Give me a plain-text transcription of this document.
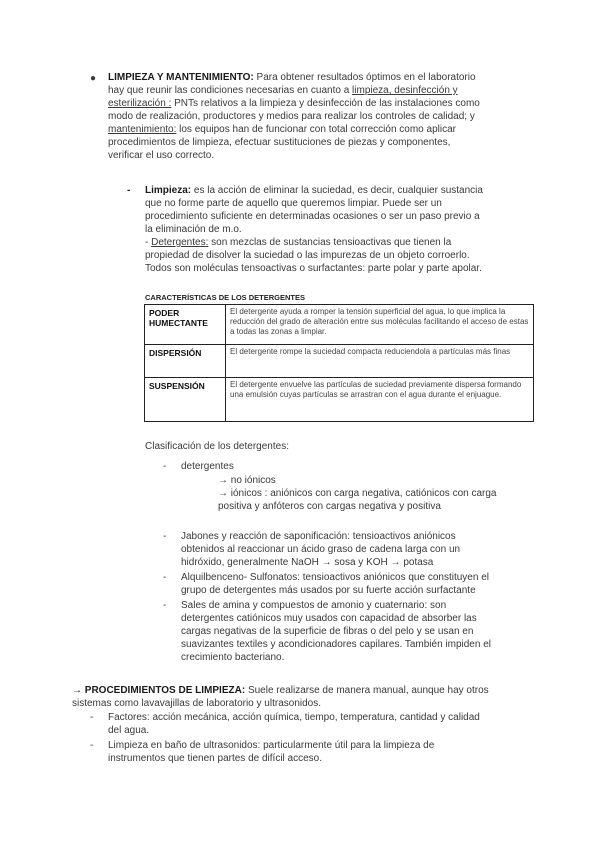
● LIMPIEZA Y MANTENIMIENTO: Para obtener resultados óptimos en el laboratorio

hay que reunir las condiciones necesarias en cuanto a limpieza, desinfección y

esterilización : PNTs relativos a la limpieza y desinfección de las instalaciones como

modo de realización, productores y medios para realizar los controles de calidad; y

mantenimiento: los equipos han de funcionar con total corrección como aplicar

procedimientos de limpieza, efectuar sustituciones de piezas y componentes,

verificar el uso correcto.

- Limpieza: es la acción de eliminar la suciedad, es decir, cualquier sustancia

que no forme parte de aquello que queremos limpiar. Puede ser un

procedimiento suficiente en determinadas ocasiones o ser un paso previo a

la eliminación de m.o.

- Detergentes: son mezclas de sustancias tensioactivas que tienen la

propiedad de disolver la suciedad o las impurezas de un objeto corroerlo.

Todos son moléculas tensoactivas o surfactantes: parte polar y parte apolar.

CARACTERÍSTICAS DE LOS DETERGENTES
PODER HUMECTANTE	El detergente ayuda a romper la tensión superficial del agua, lo que implica la reducción del grado de alteración entre sus moléculas facilitando el acceso de estas a todas las zonas a limpiar.
DISPERSIÓN	El detergente rompe la suciedad compacta reduciendola a partículas más finas
SUSPENSIÓN	El detergente envuelve las partículas de suciedad previamente dispersa formando una emulsión cuyas partículas se arrastran con el agua durante el enjuague.
Clasificación de los detergentes:
- detergentes
→ no iónicos
→ iónicos : aniónicos con carga negativa, catiónicos con carga
positiva y anfóteros con cargas negativa y positiva
- Jabones y reacción de saponificación: tensioactivos aniónicos

obtenidos al reaccionar un ácido graso de cadena larga con un

hidróxido, generalmente NaOH → sosa y KOH → potasa

- Alquilbenceno- Sulfonatos: tensioactivos aniónicos que constituyen el

grupo de detergentes más usados por su fuerte acción surfactante

- Sales de amina y compuestos de amonio y cuaternario: son

detergentes catiónicos muy usados con capacidad de absorber las

cargas negativas de la superficie de fibras o del pelo y se usan en

suavizantes textiles y acondicionadores capilares. También impiden el

crecimiento bacteriano.

→ PROCEDIMIENTOS DE LIMPIEZA: Suele realizarse de manera manual, aunque hay otros

sistemas como lavavajillas de laboratorio y ultrasonidos.

- Factores: acción mecánica, acción química, tiempo, temperatura, cantidad y calidad

del agua.

- Limpieza en baño de ultrasonidos: particularmente útil para la limpieza de

instrumentos que tienen partes de difícil acceso.
